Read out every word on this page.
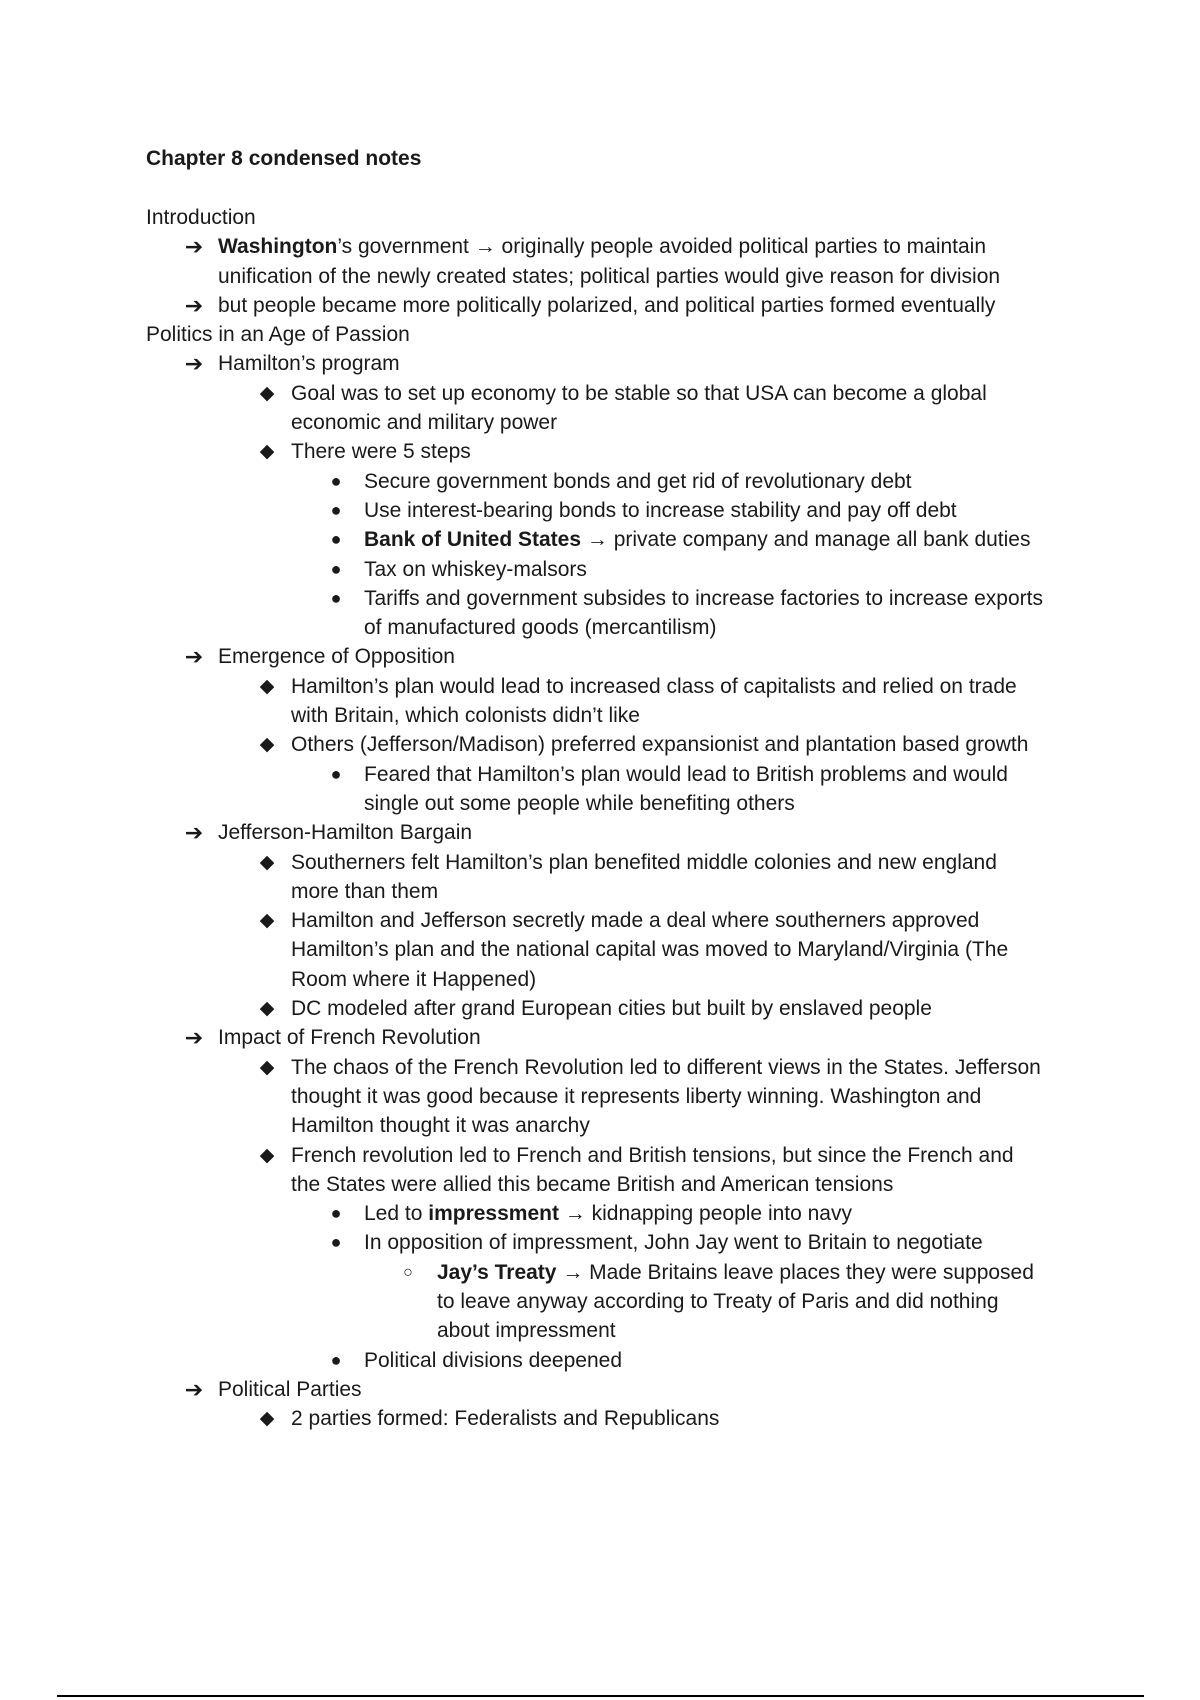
Chapter 8 condensed notes
Introduction
➔ Washington’s government → originally people avoided political parties to maintain
unification of the newly created states; political parties would give reason for division
➔ but people became more politically polarized, and political parties formed eventually
Politics in an Age of Passion
➔ Hamilton’s program
◆ Goal was to set up economy to be stable so that USA can become a global
economic and military power
◆ There were 5 steps
● Secure government bonds and get rid of revolutionary debt
● Use interest-bearing bonds to increase stability and pay off debt
● Bank of United States → private company and manage all bank duties
● Tax on whiskey-malsors
● Tariffs and government subsides to increase factories to increase exports
of manufactured goods (mercantilism)
➔ Emergence of Opposition
◆ Hamilton’s plan would lead to increased class of capitalists and relied on trade
with Britain, which colonists didn’t like
◆ Others (Jefferson/Madison) preferred expansionist and plantation based growth
● Feared that Hamilton’s plan would lead to British problems and would
single out some people while benefiting others
➔ Jefferson-Hamilton Bargain
◆ Southerners felt Hamilton’s plan benefited middle colonies and new england
more than them
◆ Hamilton and Jefferson secretly made a deal where southerners approved
Hamilton’s plan and the national capital was moved to Maryland/Virginia (The
Room where it Happened)
◆ DC modeled after grand European cities but built by enslaved people
➔ Impact of French Revolution
◆ The chaos of the French Revolution led to different views in the States. Jefferson
thought it was good because it represents liberty winning. Washington and
Hamilton thought it was anarchy
◆ French revolution led to French and British tensions, but since the French and
the States were allied this became British and American tensions
● Led to impressment → kidnapping people into navy
● In opposition of impressment, John Jay went to Britain to negotiate
○ Jay’s Treaty → Made Britains leave places they were supposed
to leave anyway according to Treaty of Paris and did nothing
about impressment
● Political divisions deepened
➔ Political Parties
◆ 2 parties formed: Federalists and Republicans
